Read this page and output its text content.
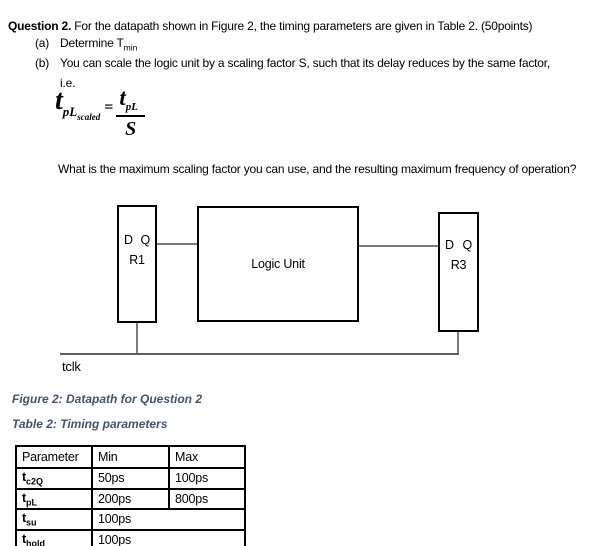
Question 2. For the datapath shown in Figure 2, the timing parameters are given in Table 2. (50points)

(a) Determine $T_{min}$
(b) You can scale the logic unit by a scaling factor S, such that its delay reduces by the same factor,
i.e.
t $pL_{scaled}$
= $\frac{\text{tpL}}{S}$

What is the maximum scaling factor you can use, and the resulting maximum frequency of operation?

D Q
R1	Logic Unit
D Q
R3
tclk
Figure 2: Datapath for Question 2
Table 2: Timing parameters
Parameter	Min	Max
$t_{c2Q}$	50ps	100ps
$t_{pL}$	200ps	800ps
$t_{su}$	100ps	
$t_{hold}$	100ps	
